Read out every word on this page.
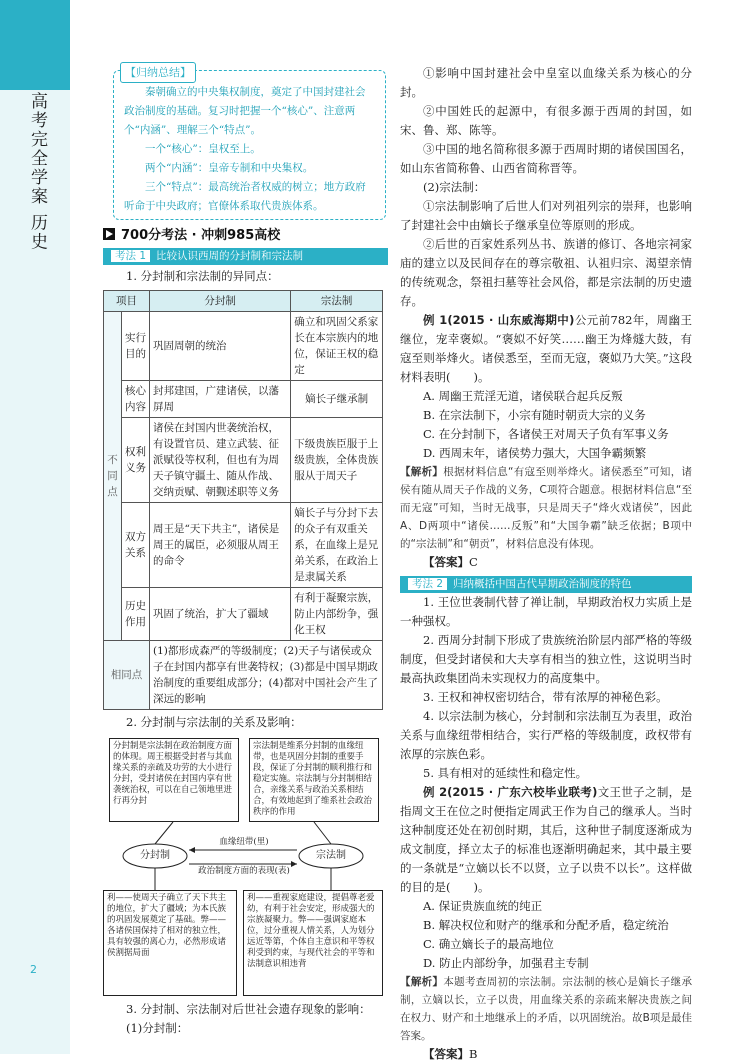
高考完全学案 历史
2

秦朝确立的中央集权制度，奠定了中国封建社会政治制度的基础。复习时把握一个“核心”、注意两个“内涵”、理解三个“特点”。

一个“核心”：皇权至上。

两个“内涵”：皇帝专制和中央集权。

三个“特点”：最高统治者权威的树立；地方政府听命于中央政府；官僚体系取代贵族体系。

【归纳总结】
700分考法 · 冲刺985高校
考法 1 比较认识西周的分封制和宗法制
1. 分封制和宗法制的异同点：
项目		分封制	宗法制
不同点	实行目的	巩固周朝的统治	确立和巩固父系家长在本宗族内的地位，保证王权的稳定
	核心内容	封邦建国，广建诸侯，以藩屏周	嫡长子继承制
	权利义务	诸侯在封国内世袭统治权，有设置官员、建立武装、征派赋役等权利，但也有为周天子镇守疆土、随从作战、交纳贡赋、朝觐述职等义务	下级贵族臣服于上级贵族，全体贵族服从于周天子
	双方关系	周王是“天下共主”，诸侯是周王的属臣，必须服从周王的命令	嫡长子与分封下去的众子有双重关系，在血缘上是兄弟关系，在政治上是隶属关系
	历史作用	巩固了统治，扩大了疆域	有利于凝聚宗族，防止内部纷争，强化王权
相同点		(1)都形成森严的等级制度；(2)天子与诸侯或众子在封国内都享有世袭特权；(3)都是中国早期政治制度的重要组成部分；(4)都对中国社会产生了深远的影响	
2. 分封制与宗法制的关系及影响：
分封制是宗法制在政治制度方面的体现。周王根据受封者与其血缘关系的亲疏及功劳的大小进行分封，受封诸侯在封国内享有世袭统治权，可以在自己领地里进行再分封
宗法制是维系分封制的血缘纽带，也是巩固分封制的重要手段，保证了分封制的顺利推行和稳定实施。宗法制与分封制相结合，亲缘关系与政治关系相结合，有效地起到了维系社会政治秩序的作用
分封制	宗法制
血缘纽带(里)
政治制度方面的表现(表)
利——使周天子确立了天下共主的地位，扩大了疆域；为本氏族的巩固发展奠定了基础。弊——各诸侯国保持了相对的独立性，具有较强的离心力，必然形成诸侯割据局面
利——重视家庭建设，提倡尊老爱幼，有利于社会安定，形成强大的宗族凝聚力。弊——强调家庭本位，过分重视人情关系，人为划分远近等第，个体自主意识和平等权利受到约束，与现代社会的平等和法制意识相违背
3. 分封制、宗法制对后世社会遗存现象的影响：
(1)分封制：
①影响中国封建社会中皇室以血缘关系为核心的分封。
②中国姓氏的起源中，有很多源于西周的封国，如宋、鲁、郑、陈等。
③中国的地名简称很多源于西周时期的诸侯国国名，如山东省简称鲁、山西省简称晋等。
(2)宗法制：
①宗法制影响了后世人们对列祖列宗的崇拜，也影响了封建社会中由嫡长子继承皇位等原则的形成。
②后世的百家姓系列丛书、族谱的修订、各地宗祠家庙的建立以及民间存在的尊宗敬祖、认祖归宗、渴望亲情的传统观念，祭祖扫墓等社会风俗，都是宗法制的历史遗存。
例 1(2015 · 山东威海期中)公元前782年，周幽王继位，宠幸褒姒。“褒姒不好笑……幽王为烽燧大鼓，有寇至则举烽火。诸侯悉至，至而无寇，褒姒乃大笑。”这段材料表明(　　)。
A. 周幽王荒淫无道，诸侯联合起兵反叛
B. 在宗法制下，小宗有随时朝贡大宗的义务
C. 在分封制下，各诸侯王对周天子负有军事义务
D. 西周末年，诸侯势力强大，大国争霸频繁
【解析】根据材料信息“有寇至则举烽火。诸侯悉至”可知，诸侯有随从周天子作战的义务，C项符合题意。根据材料信息“至而无寇”可知，当时无战事，只是周天子“烽火戏诸侯”，因此A、D两项中“诸侯……反叛”和“大国争霸”缺乏依据；B项中的“宗法制”和“朝贡”，材料信息没有体现。
【答案】C
考法 2 归纳概括中国古代早期政治制度的特色
1. 王位世袭制代替了禅让制，早期政治权力实质上是一种强权。
2. 西周分封制下形成了贵族统治阶层内部严格的等级制度，但受封诸侯和大夫享有相当的独立性，这说明当时最高执政集团尚未实现权力的高度集中。
3. 王权和神权密切结合，带有浓厚的神秘色彩。
4. 以宗法制为核心，分封制和宗法制互为表里，政治关系与血缘纽带相结合，实行严格的等级制度，政权带有浓厚的宗族色彩。
5. 具有相对的延续性和稳定性。
例 2(2015 · 广东六校毕业联考)文王世子之制，是指周文王在位之时便指定周武王作为自己的继承人。当时这种制度还处在初创时期，其后，这种世子制度逐渐成为成文制度，择立太子的标准也逐渐明确起来，其中最主要的一条就是“立嫡以长不以贤，立子以贵不以长”。这样做的目的是(　　)。
A. 保证贵族血统的纯正
B. 解决权位和财产的继承和分配矛盾，稳定统治
C. 确立嫡长子的最高地位
D. 防止内部纷争，加强君主专制
【解析】本题考查周初的宗法制。宗法制的核心是嫡长子继承制，立嫡以长，立子以贵，用血缘关系的亲疏来解决贵族之间在权力、财产和土地继承上的矛盾，以巩固统治。故B项是最佳答案。
【答案】B
